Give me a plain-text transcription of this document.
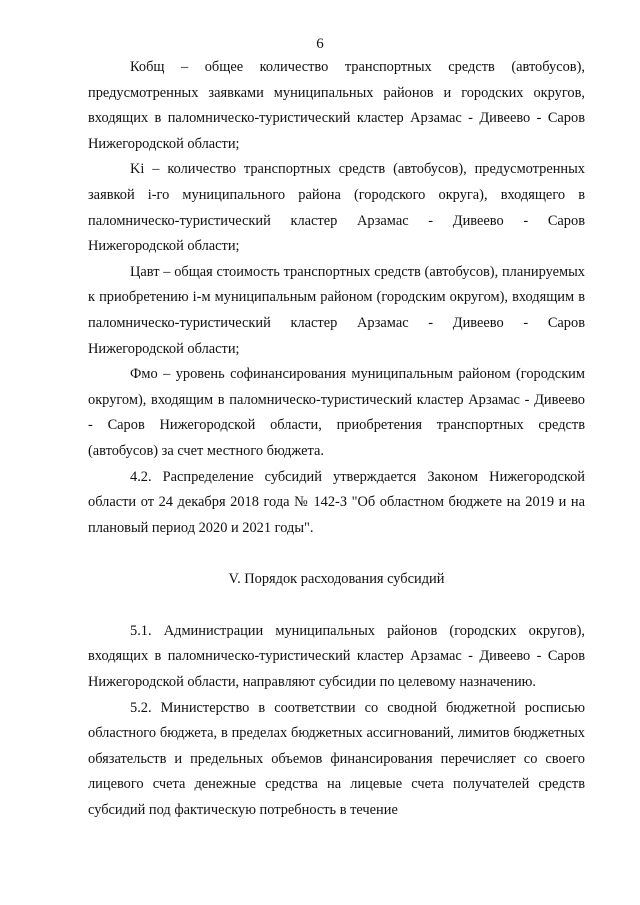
6

Кобщ – общее количество транспортных средств (автобусов), предусмотренных заявками муниципальных районов и городских округов, входящих в паломническо-туристический кластер Арзамас - Дивеево - Саров Нижегородской области;

Ki – количество транспортных средств (автобусов), предусмотренных заявкой i-го муниципального района (городского округа), входящего в паломническо-туристический кластер Арзамас - Дивеево - Саров Нижегородской области;

Цавт – общая стоимость транспортных средств (автобусов), планируемых к приобретению i-м муниципальным районом (городским округом), входящим в паломническо-туристический кластер Арзамас - Дивеево - Саров Нижегородской области;

Фмо – уровень софинансирования муниципальным районом (городским округом), входящим в паломническо-туристический кластер Арзамас - Дивеево - Саров Нижегородской области, приобретения транспортных средств (автобусов) за счет местного бюджета.

4.2. Распределение субсидий утверждается Законом Нижегородской области от 24 декабря 2018 года № 142-З "Об областном бюджете на 2019 и на плановый период 2020 и 2021 годы".

V. Порядок расходования субсидий

5.1. Администрации муниципальных районов (городских округов), входящих в паломническо-туристический кластер Арзамас - Дивеево - Саров Нижегородской области, направляют субсидии по целевому назначению.

5.2. Министерство в соответствии со сводной бюджетной росписью областного бюджета, в пределах бюджетных ассигнований, лимитов бюджетных обязательств и предельных объемов финансирования перечисляет со своего лицевого счета денежные средства на лицевые счета получателей средств субсидий под фактическую потребность в течение
